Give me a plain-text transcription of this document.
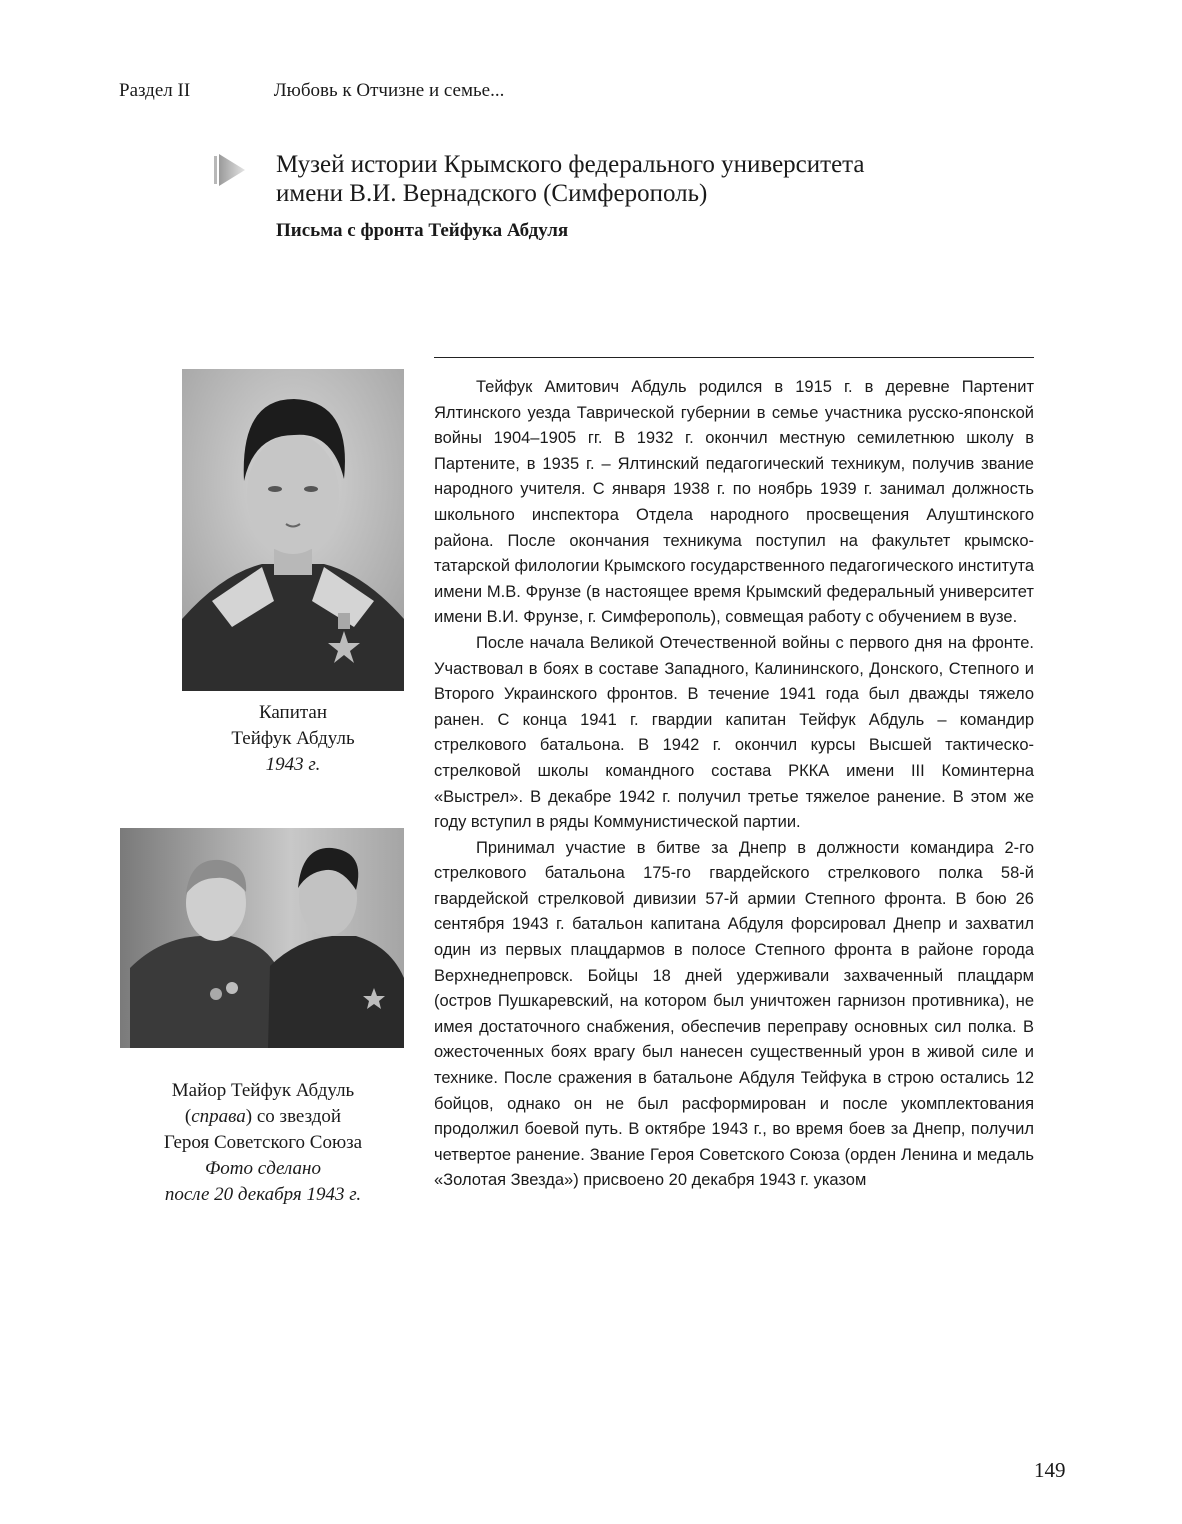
Раздел II	Любовь к Отчизне и семье...
Музей истории Крымского федерального университета
имени В.И. Вернадского (Симферополь)
Письма с фронта Тейфука Абдуля
Капитан
Тейфук Абдуль
1943 г.
Майор Тейфук Абдуль
(справа) со звездой
Героя Советского Союза
Фото сделано
после 20 декабря 1943 г.

Тейфук Амитович Абдуль родился в 1915 г. в деревне Партенит Ялтинского уезда Таврической губернии в семье участника русско-японской войны 1904–1905 гг. В 1932 г. окончил местную семилетнюю школу в Партените, в 1935 г. – Ялтинский педагогический техникум, получив звание народного учителя. С января 1938 г. по ноябрь 1939 г. занимал должность школьного инспектора Отдела народного просвещения Алуштинского района. После окончания техникума поступил на факультет крымско-татарской филологии Крымского государственного педагогического института имени М.В. Фрунзе (в настоящее время Крымский федеральный университет имени В.И. Фрунзе, г. Симферополь), совмещая работу с обучением в вузе.

После начала Великой Отечественной войны с первого дня на фронте. Участвовал в боях в составе Западного, Калининского, Донского, Степного и Второго Украинского фронтов. В течение 1941 года был дважды тяжело ранен. С конца 1941 г. гвардии капитан Тейфук Абдуль – командир стрелкового батальона. В 1942 г. окончил курсы Высшей тактическо-стрелковой школы командного состава РККА имени III Коминтерна «Выстрел». В декабре 1942 г. получил третье тяжелое ранение. В этом же году вступил в ряды Коммунистической партии.

Принимал участие в битве за Днепр в должности командира 2-го стрелкового батальона 175-го гвардейского стрелкового полка 58-й гвардейской стрелковой дивизии 57-й армии Степного фронта. В бою 26 сентября 1943 г. батальон капитана Абдуля форсировал Днепр и захватил один из первых плацдармов в полосе Степного фронта в районе города Верхнеднепровск. Бойцы 18 дней удерживали захваченный плацдарм (остров Пушкаревский, на котором был уничтожен гарнизон противника), не имея достаточного снабжения, обеспечив переправу основных сил полка. В ожесточенных боях врагу был нанесен существенный урон в живой силе и технике. После сражения в батальоне Абдуля Тейфука в строю остались 12 бойцов, однако он не был расформирован и после укомплектования продолжил боевой путь. В октябре 1943 г., во время боев за Днепр, получил четвертое ранение. Звание Героя Советского Союза (орден Ленина и медаль «Золотая Звезда») присвоено 20 декабря 1943 г. указом

149
